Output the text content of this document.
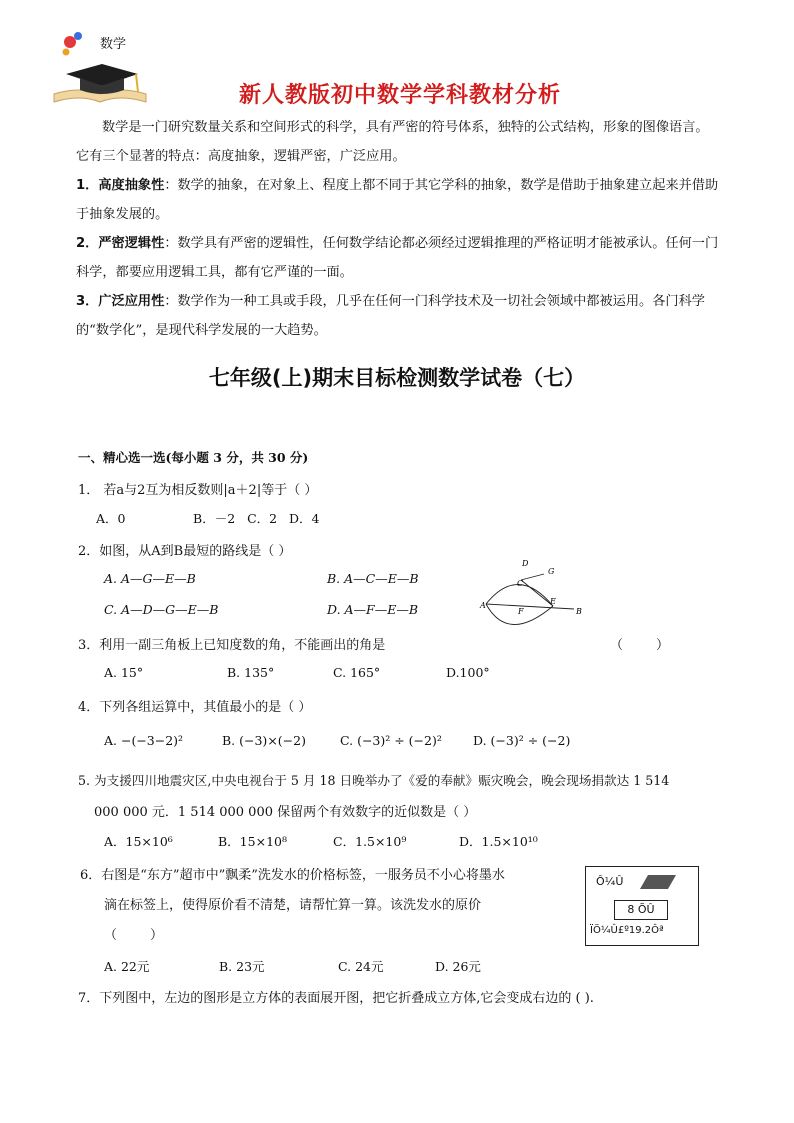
数学
新人教版初中数学学科教材分析

数学是一门研究数量关系和空间形式的科学，具有严密的符号体系，独特的公式结构，形象的图像语言。它有三个显著的特点：高度抽象，逻辑严密，广泛应用。

1．高度抽象性：数学的抽象，在对象上、程度上都不同于其它学科的抽象，数学是借助于抽象建立起来并借助于抽象发展的。

2．严密逻辑性：数学具有严密的逻辑性，任何数学结论都必须经过逻辑推理的严格证明才能被承认。任何一门科学，都要应用逻辑工具，都有它严谨的一面。

3．广泛应用性：数学作为一种工具或手段，几乎在任何一门科学技术及一切社会领域中都被运用。各门科学的“数学化”，是现代科学发展的一大趋势。

七年级(上)期末目标检测数学试卷（七）
一、精心选一选(每小题 3 分，共 30 分)
1． 若a与2互为相反数则|a＋2|等于（ ）
A．0                 B．－2   C．2   D．4
2．如图，从A到B最短的路线是（ ）
A. A—G—E—B	B. A—C—E—B
C. A—D—G—E—B	D. A—F—E—B
D
G
C
A
F
E
B
3．利用一副三角板上已知度数的角，不能画出的角是	（        ）
A. 15°	B. 135°	C. 165°	D.100°
4．下列各组运算中，其值最小的是（ ）
A. −(−3−2)²	B. (−3)×(−2)	C. (−3)² ÷ (−2)² D. (−3)² ÷ (−2)
5. 为支援四川地震灾区,中央电视台于 5 月 18 日晚举办了《爱的奉献》赈灾晚会，晚会现场捐款达 1 514
000 000 元．1 514 000 000 保留两个有效数字的近似数是（ ）
A．15×10⁶	B．15×10⁸	C．1.5×10⁹	D．1.5×10¹⁰
6．右图是“东方”超市中”飘柔”洗发水的价格标签，一服务员不小心将墨水
滴在标签上，使得原价看不清楚，请帮忙算一算。该洗发水的原价
（        ）
A. 22元	B. 23元	C. 24元	D. 26元
Ô¼Û
8 ÕÛ
ÏÖ¼Û£º19.2Ôª
7．下列图中，左边的图形是立方体的表面展开图，把它折叠成立方体,它会变成右边的 ( ).
